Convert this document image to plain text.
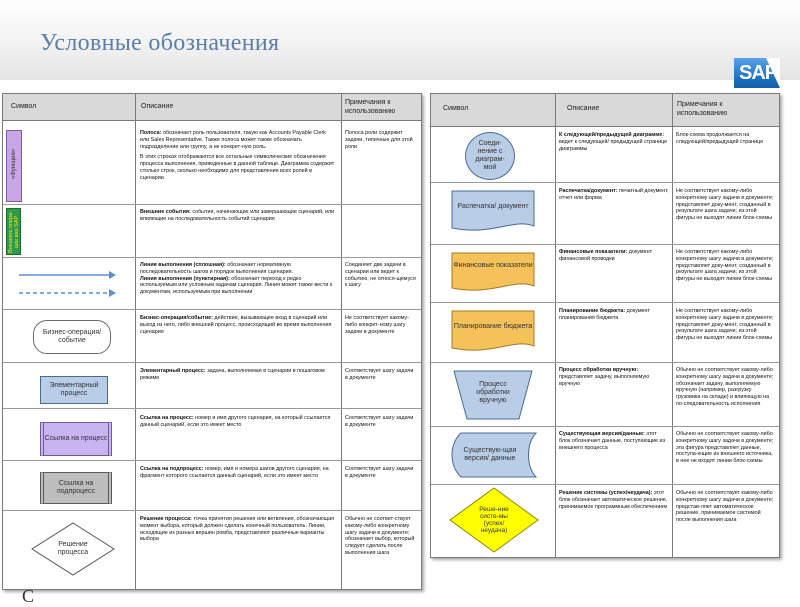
Условные обозначения
SAP
Символ	Описание
Примечания к использованию
«Функция»
Полоса: обозначает роль пользователя, такую как Accounts Payable Clerk или Sales Representative. Также полоса может также обозначать подразделение или группу, а не конкрет-ную роль.
В этих строках отображаются все остальные символические обозначения процесса выполнения, приведенные в данной таблице. Диаграмма содержит столько строк, сколько необходимо для представления всех ролей в сценарии
Полоса роли содержит задачи, типичные для этой роли
Внешние опера-ции вне SAP
Внешние события: события, начинающие или завершающие сценарий, или влияющие на последовательность событий сценария
Линия выполнения (сплошная): обозначает нормативную последовательность шагов и порядок выполнения сценария.
Линия выполнения (пунктирная): обозначает переход к редко используемым или условным задачам сценария. Линия может также вести к документам, используемым при выполнении
Соединяет две задачи в сценарии или ведет к событию, не относя-щемуся к шагу
Бизнес-операция/ событие
Бизнес-операция/событие: действие, вызывающее вход в сценарий или выход из него, либо внешний процесс, происходящий во время выполнения сценария
Не соответствует какому-либо конкрет-ному шагу задачи в документе
Элементарный процесс
Элементарный процесс: задача, выполняемая в сценарии в пошаговом режиме
Соответствует шагу задачи в документе
Ссылка на процесс
Ссылка на процесс: номер и имя другого сценария, на который ссылается данный сценарий, если это имеет место
Соответствует шагу задачи в документе
Ссылка на подпроцесс
Ссылка на подпроцесс: номер, имя и номера шагов другого сценария, на фрагмент которого ссылается данный сценарий, если это имеет место
Соответствует шагу задачи в документе
Решение процесса
Решение процесса: точка принятия решения или ветвления, обозначающая момент выбора, который должен сделать конечный пользователь. Линии, исходящие из разных вершин ромба, представляют различные варианты выбора
Обычно не соответ-ствует какому-либо конкретному шагу задачи в документе; обозначает выбор, который следует сделать после выполнения шага
Символ	Описание
Примечания к использованию
Соеди-нение с диаграм-мой
К следующей/предыдущей диаграмме: ведет к следующей/ предыдущей странице диаграммы
Блок-схема продолжается на следующей/предыдущей странице
Распечатка/ документ
Распечатка/документ: печатный документ, отчет или форма
Не соответствует какому-либо конкретному шагу задачи в документе; представляет доку-мент, созданный в результате шага задачи; из этой фигуры не выходят линии блок-схемы
Финансовые показатели
Финансовые показатели: документ финансовой проводки
Не соответствует какому-либо конкретному шагу задачи в документе; представляет доку-мент, созданный в результате шага задачи; из этой фигуры не выходят линии блок-схемы
Планирование бюджета
Планирование бюджета: документ планирования бюджета
Не соответствует какому-либо конкретному шагу задачи в документе; представляет доку-мент, созданный в результате шага задачи; из этой фигуры не выходят линии блок-схемы
Процесс обработки вручную
Процесс обработки вручную: представляет задачу, выполняемую вручную
Обычно не соответствует какому-либо конкретному шагу задачи в документе; обозначает задачу, выполняемую вручную (например, разгрузку грузовика на складе) и влияющую на по-следовательность исполнения
Существую-щая версия/ данные
Существующая версия/данные: этот блок обозначает данные, поступающие из внешнего процесса
Обычно не соответствует какому-либо конкретному шагу задачи в документе; эта фигура представляет данные, поступа-ющие из внешнего источника, в нее не входят линии блок-схемы
Реше-ние систе-мы (успех/ неудача)
Решение системы (успех/неудача): этот блок обозначает автоматическое решение, принимаемое программным обеспечением
Обычно не соответствует какому-либо конкретному шагу задачи в документе; представ-ляет автоматическое решение, принимаемое системой после выполнения шага
С
